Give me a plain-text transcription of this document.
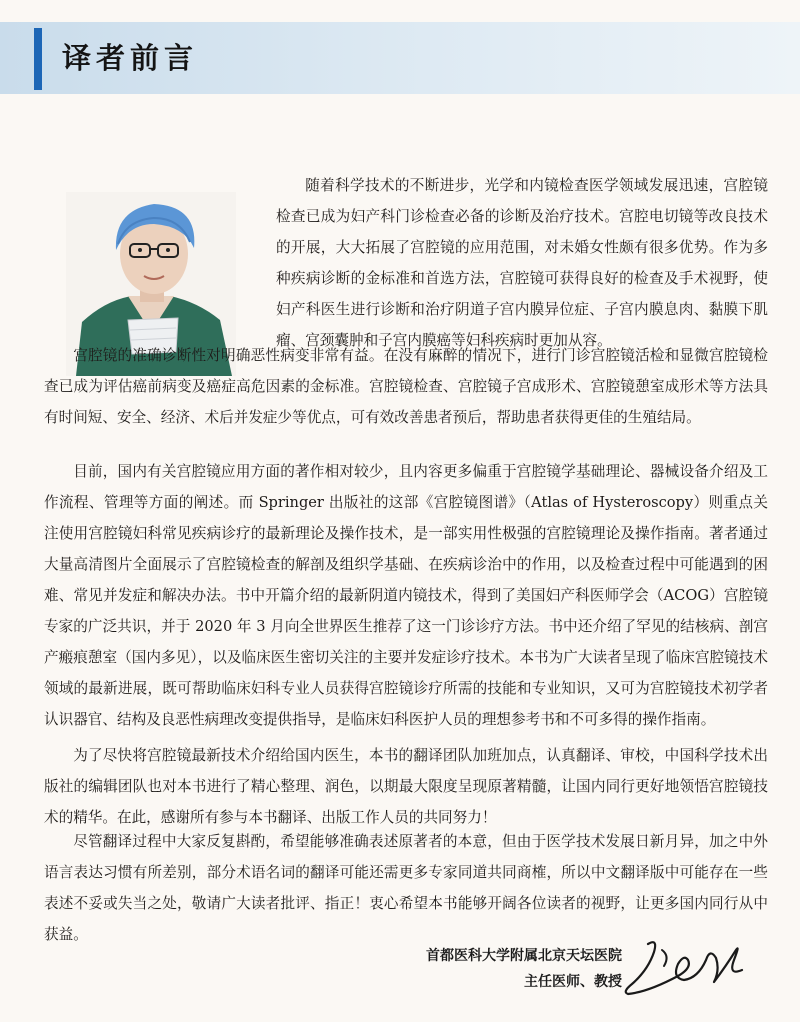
译者前言

随着科学技术的不断进步，光学和内镜检查医学领域发展迅速，宫腔镜检查已成为妇产科门诊检查必备的诊断及治疗技术。宫腔电切镜等改良技术的开展，大大拓展了宫腔镜的应用范围，对未婚女性颇有很多优势。作为多种疾病诊断的金标准和首选方法，宫腔镜可获得良好的检查及手术视野，使妇产科医生进行诊断和治疗阴道子宫内膜异位症、子宫内膜息肉、黏膜下肌瘤、宫颈囊肿和子宫内膜癌等妇科疾病时更加从容。

宫腔镜的准确诊断性对明确恶性病变非常有益。在没有麻醉的情况下，进行门诊宫腔镜活检和显微宫腔镜检查已成为评估癌前病变及癌症高危因素的金标准。宫腔镜检查、宫腔镜子宫成形术、宫腔镜憩室成形术等方法具有时间短、安全、经济、术后并发症少等优点，可有效改善患者预后，帮助患者获得更佳的生殖结局。

目前，国内有关宫腔镜应用方面的著作相对较少，且内容更多偏重于宫腔镜学基础理论、器械设备介绍及工作流程、管理等方面的阐述。而 Springer 出版社的这部《宫腔镜图谱》（Atlas of Hysteroscopy）则重点关注使用宫腔镜妇科常见疾病诊疗的最新理论及操作技术，是一部实用性极强的宫腔镜理论及操作指南。著者通过大量高清图片全面展示了宫腔镜检查的解剖及组织学基础、在疾病诊治中的作用，以及检查过程中可能遇到的困难、常见并发症和解决办法。书中开篇介绍的最新阴道内镜技术，得到了美国妇产科医师学会（ACOG）宫腔镜专家的广泛共识，并于 2020 年 3 月向全世界医生推荐了这一门诊诊疗方法。书中还介绍了罕见的结核病、剖宫产瘢痕憩室（国内多见），以及临床医生密切关注的主要并发症诊疗技术。本书为广大读者呈现了临床宫腔镜技术领域的最新进展，既可帮助临床妇科专业人员获得宫腔镜诊疗所需的技能和专业知识，又可为宫腔镜技术初学者认识器官、结构及良恶性病理改变提供指导，是临床妇科医护人员的理想参考书和不可多得的操作指南。

为了尽快将宫腔镜最新技术介绍给国内医生，本书的翻译团队加班加点，认真翻译、审校，中国科学技术出版社的编辑团队也对本书进行了精心整理、润色，以期最大限度呈现原著精髓，让国内同行更好地领悟宫腔镜技术的精华。在此，感谢所有参与本书翻译、出版工作人员的共同努力！

尽管翻译过程中大家反复斟酌，希望能够准确表述原著者的本意，但由于医学技术发展日新月异，加之中外语言表达习惯有所差别，部分术语名词的翻译可能还需更多专家同道共同商榷，所以中文翻译版中可能存在一些表述不妥或失当之处，敬请广大读者批评、指正！衷心希望本书能够开阔各位读者的视野，让更多国内同行从中获益。

首都医科大学附属北京天坛医院
主任医师、教授
